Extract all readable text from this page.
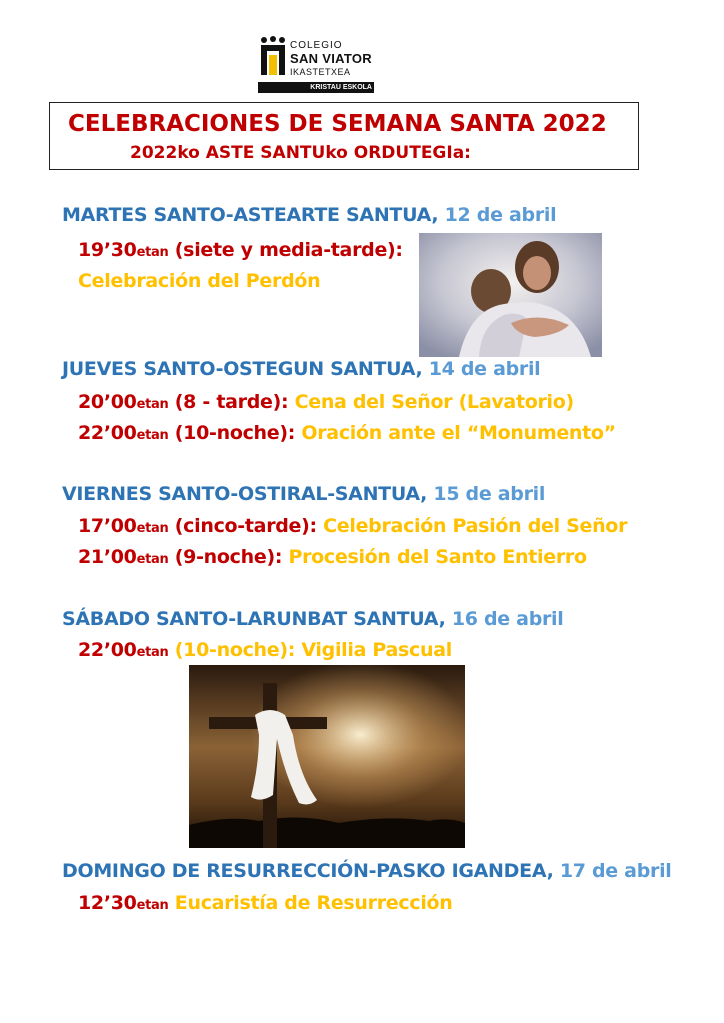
COLEGIO
SAN VIATOR
IKASTETXEA
KRISTAU ESKOLA
CELEBRACIONES DE SEMANA SANTA 2022
2022ko ASTE SANTUko ORDUTEGIa:
MARTES SANTO-ASTEARTE SANTUA, 12 de abril
19’30etan (siete y media-tarde):
Celebración del Perdón
JUEVES SANTO-OSTEGUN SANTUA, 14 de abril
20’00etan (8 - tarde): Cena del Señor (Lavatorio)
22’00etan (10-noche): Oración ante el “Monumento”
VIERNES SANTO-OSTIRAL-SANTUA, 15 de abril
17’00etan (cinco-tarde): Celebración Pasión del Señor
21’00etan (9-noche): Procesión del Santo Entierro
SÁBADO SANTO-LARUNBAT SANTUA, 16 de abril
22’00etan (10-noche): Vigilia Pascual
DOMINGO DE RESURRECCIÓN-PASKO IGANDEA, 17 de abril
12’30etan Eucaristía de Resurrección
